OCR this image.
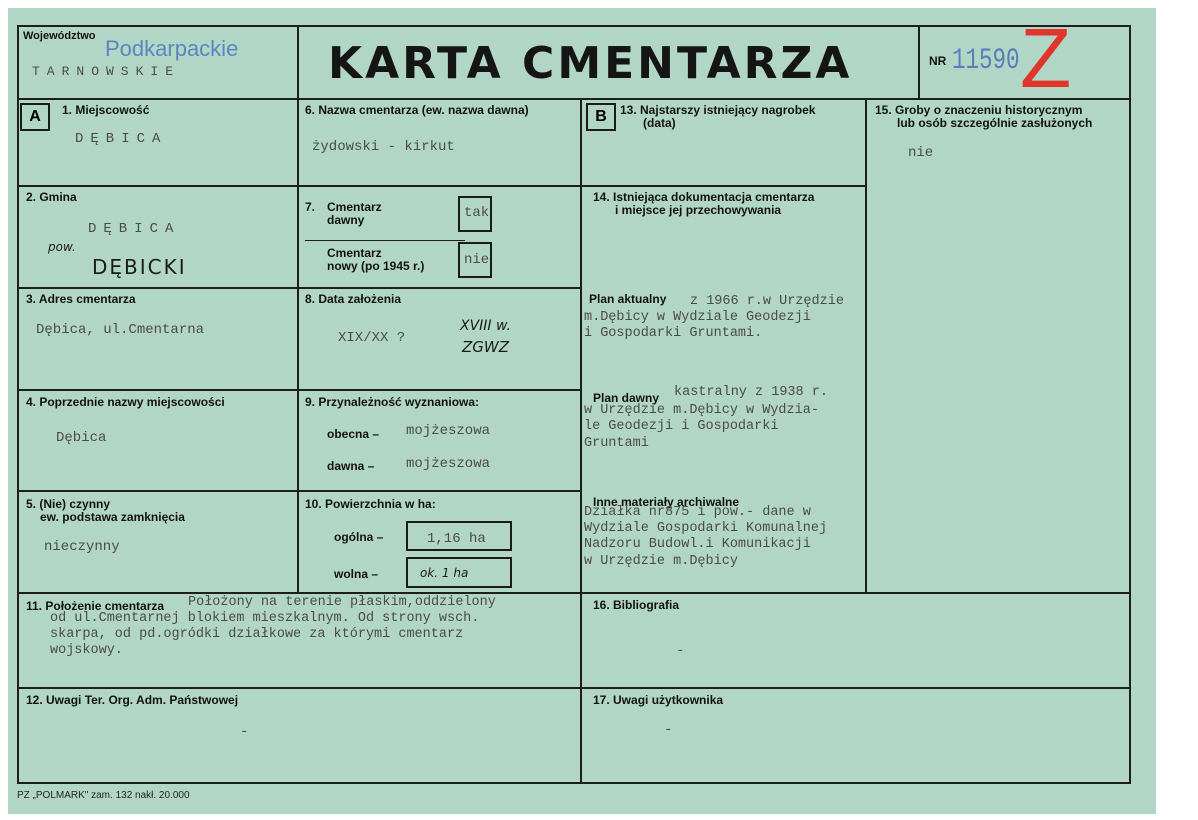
Województwo Podkarpackie
TARNOWSKIE	KARTA CMENTARZA	NR 11590 Z
A	B
1. Miejscowość
DĘBICA
2. Gmina
DĘBICA
pow.
DĘBICKI
3. Adres cmentarza
Dębica, ul.Cmentarna
4. Poprzednie nazwy miejscowości
Dębica
5. (Nie) czynny
ew. podstawa zamknięcia
nieczynny
6. Nazwa cmentarza (ew. nazwa dawna)
żydowski - kirkut
7. Cmentarz
dawny	tak
Cmentarz
nowy (po 1945 r.)	nie
8. Data założenia
XIX/XX ?
XVIII w.
ZGWZ
9. Przynależność wyznaniowa:
obecna – mojżeszowa
dawna – mojżeszowa
10. Powierzchnia w ha:
ogólna –	1,16 ha
wolna –	ok. 1 ha
11. Położenie cmentarza Położony na terenie płaskim,oddzielony
od ul.Cmentarnej blokiem mieszkalnym. Od strony wsch.
skarpa, od pd.ogródki działkowe za którymi cmentarz
wojskowy.
12. Uwagi Ter. Org. Adm. Państwowej
-
13. Najstarszy istniejący nagrobek
(data)
14. Istniejąca dokumentacja cmentarza
i miejsce jej przechowywania
Plan aktualny z 1966 r.w Urzędzie
m.Dębicy w Wydziale Geodezji
i Gospodarki Gruntami.
Plan dawny kastralny z 1938 r.
w Urzędzie m.Dębicy w Wydzia-
le Geodezji i Gospodarki
Gruntami
Inne materiały archiwalne
Działka nr875 i pow.- dane w
Wydziale Gospodarki Komunalnej
Nadzoru Budowl.i Komunikacji
w Urzędzie m.Dębicy
15. Groby o znaczeniu historycznym
lub osób szczególnie zasłużonych
nie
16. Bibliografia
-
17. Uwagi użytkownika
-
PZ „POLMARK" zam. 132 nakł. 20.000
